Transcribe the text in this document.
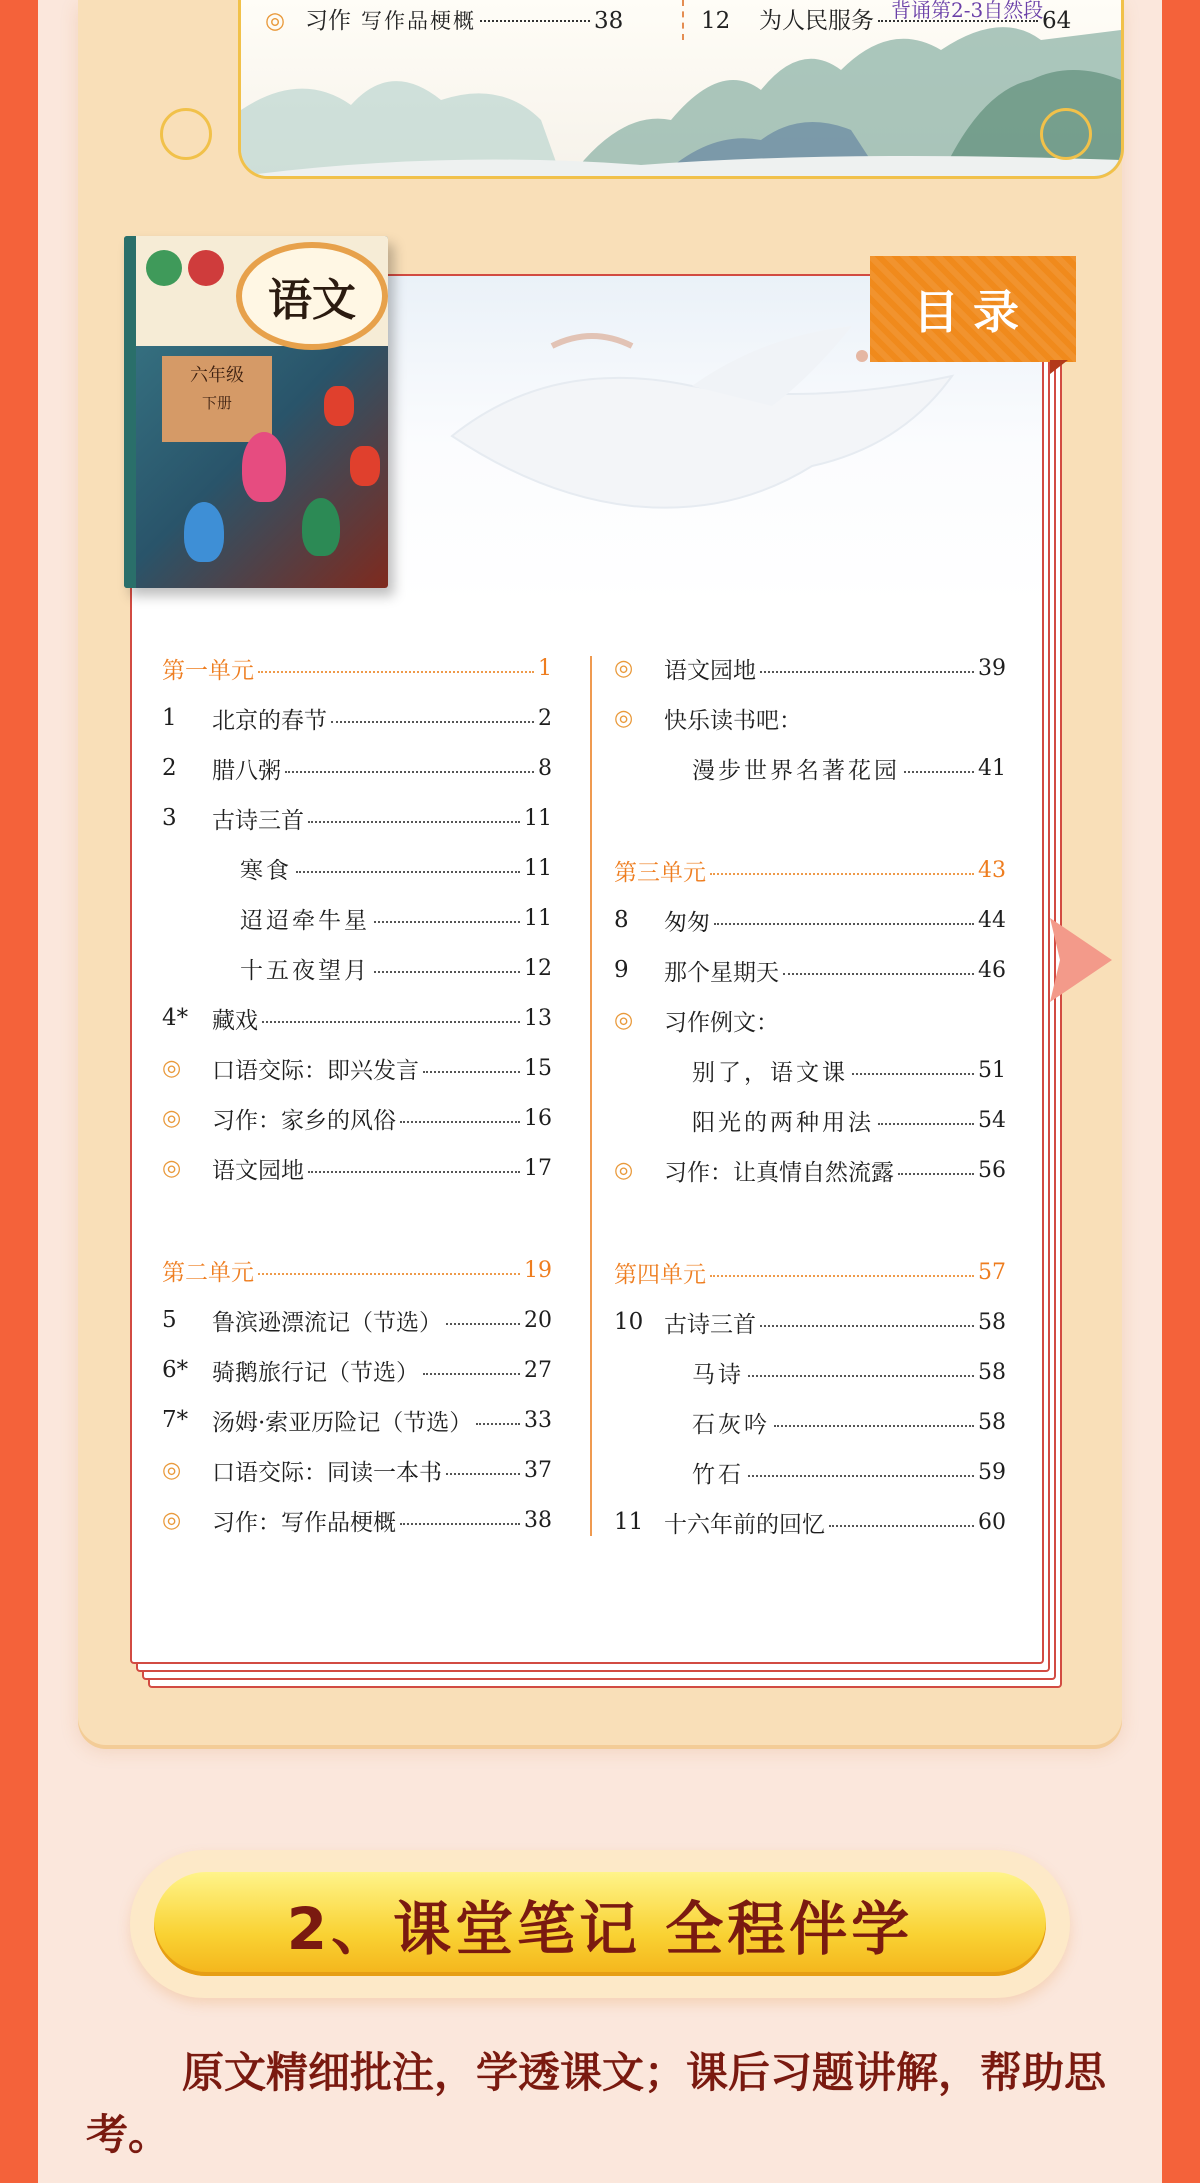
◎ 习作 写作品梗概	38	12	为人民服务	64
背诵第2-3自然段
目录
语文
六年级
下册
2、课堂笔记 全程伴学
原文精细批注，学透课文；课后习题讲解，帮助思考。
第一单元	1
1	北京的春节	2
2	腊八粥	8
3	古诗三首	11
寒食	11
迢迢牵牛星	11
十五夜望月	12
4*	藏戏	13
◎	口语交际：即兴发言	15
◎	习作：家乡的风俗	16
◎	语文园地	17
第二单元	19
5	鲁滨逊漂流记（节选）	20
6*	骑鹅旅行记（节选）	27
7*	汤姆·索亚历险记（节选） 33
◎	口语交际：同读一本书	37
◎	习作：写作品梗概	38
◎	语文园地	39
◎	快乐读书吧：
漫步世界名著花园	41
第三单元	43
8	匆匆	44
9	那个星期天	46
◎	习作例文：
别了，语文课	51
阳光的两种用法	54
◎	习作：让真情自然流露	56
第四单元	57
10 古诗三首	58
马诗	58
石灰吟	58
竹石	59
11 十六年前的回忆	60
